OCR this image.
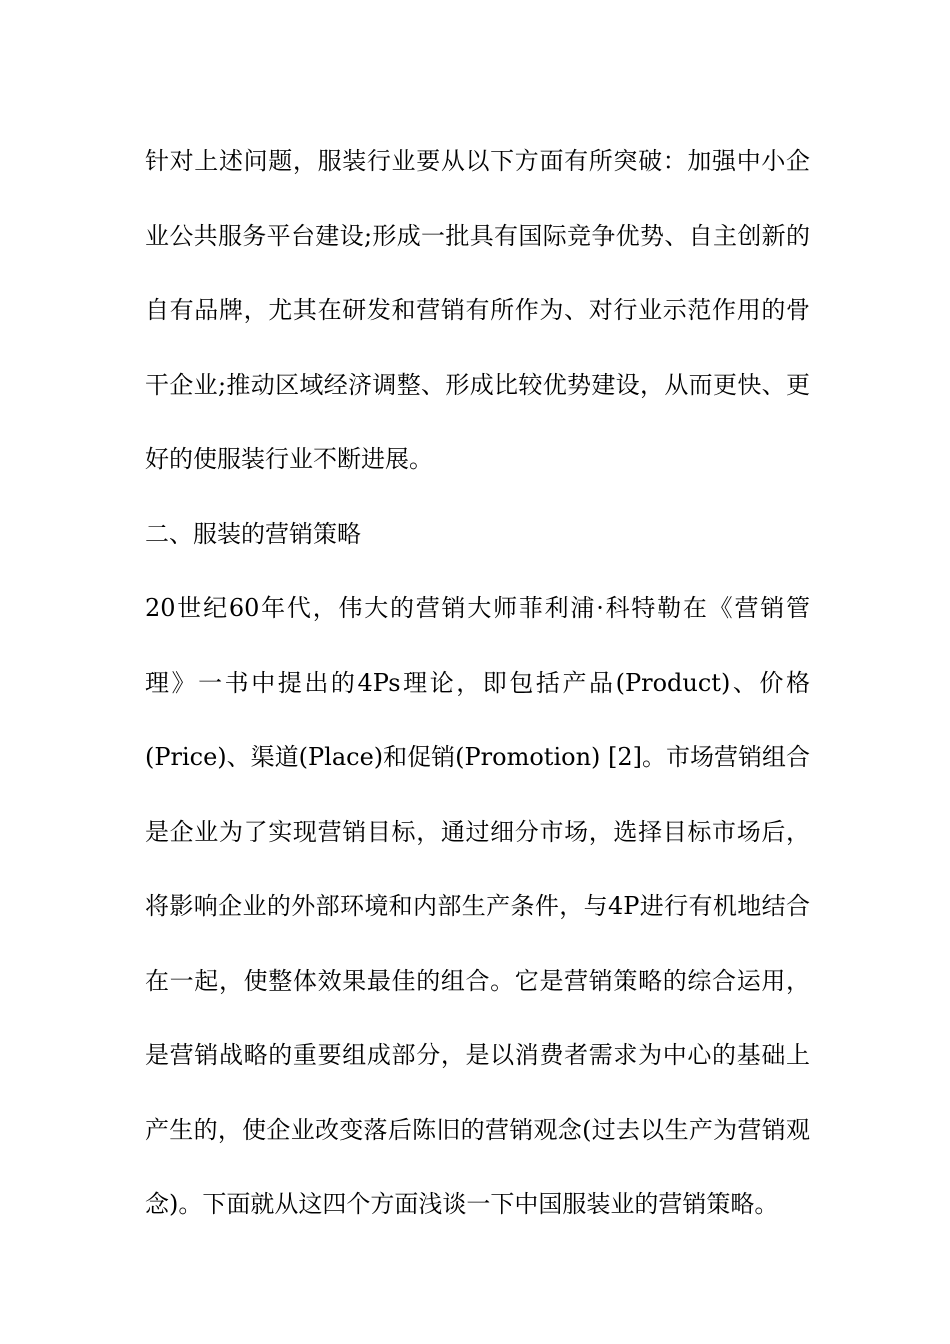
针对上述问题，服装行业要从以下方面有所突破：加强中小企
业公共服务平台建设;形成一批具有国际竞争优势、自主创新的
自有品牌，尤其在研发和营销有所作为、对行业示范作用的骨
干企业;推动区域经济调整、形成比较优势建设，从而更快、更
好的使服装行业不断进展。
二、服装的营销策略
20世纪60年代，伟大的营销大师菲利浦·科特勒在《营销管
理》一书中提出的4Ps理论，即包括产品(Product)、价格
(Price)、渠道(Place)和促销(Promotion) [2]。市场营销组合
是企业为了实现营销目标，通过细分市场，选择目标市场后，
将影响企业的外部环境和内部生产条件，与4P进行有机地结合
在一起，使整体效果最佳的组合。它是营销策略的综合运用，
是营销战略的重要组成部分，是以消费者需求为中心的基础上
产生的，使企业改变落后陈旧的营销观念(过去以生产为营销观
念)。下面就从这四个方面浅谈一下中国服装业的营销策略。
